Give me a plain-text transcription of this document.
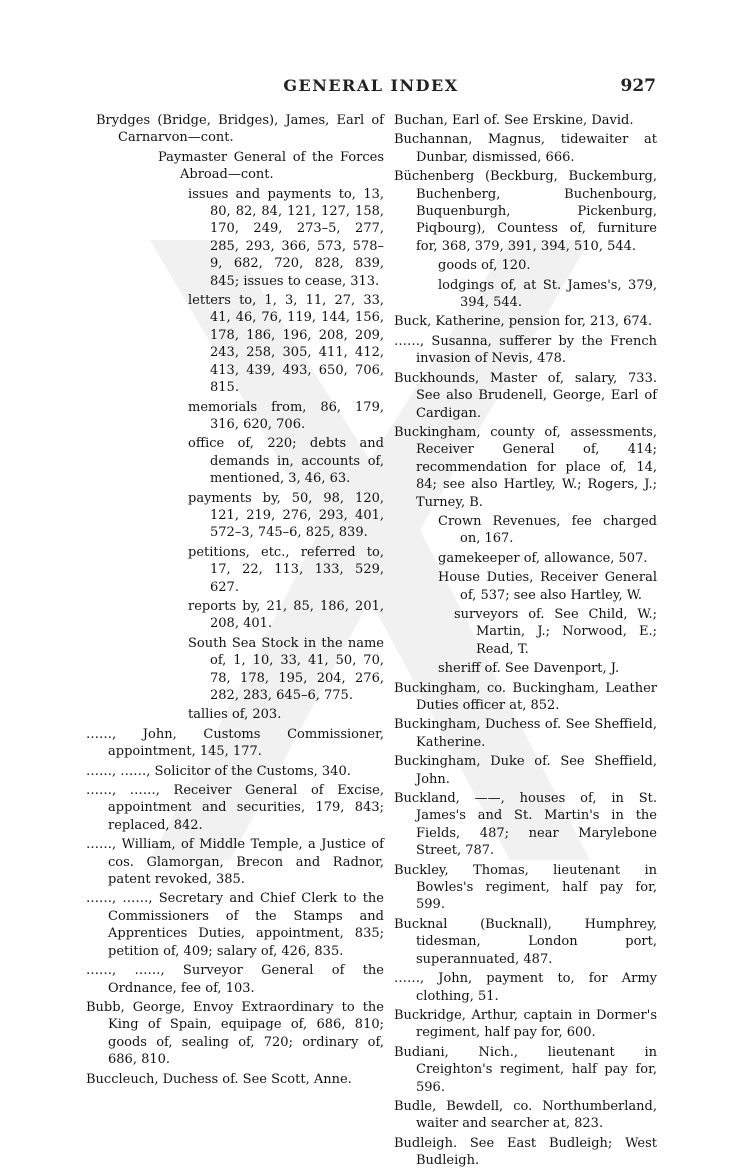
GENERAL INDEX	927

Brydges (Bridge, Bridges), James, Earl of Carnarvon—cont.

Paymaster General of the Forces Abroad—cont.

issues and payments to, 13, 80, 82, 84, 121, 127, 158, 170, 249, 273–5, 277, 285, 293, 366, 573, 578–9, 682, 720, 828, 839, 845; issues to cease, 313.

letters to, 1, 3, 11, 27, 33, 41, 46, 76, 119, 144, 156, 178, 186, 196, 208, 209, 243, 258, 305, 411, 412, 413, 439, 493, 650, 706, 815.

memorials from, 86, 179, 316, 620, 706.

office of, 220; debts and demands in, accounts of, mentioned, 3, 46, 63.

payments by, 50, 98, 120, 121, 219, 276, 293, 401, 572–3, 745–6, 825, 839.

petitions, etc., referred to, 17, 22, 113, 133, 529, 627.

reports by, 21, 85, 186, 201, 208, 401.

South Sea Stock in the name of, 1, 10, 33, 41, 50, 70, 78, 178, 195, 204, 276, 282, 283, 645–6, 775.

tallies of, 203.

……, John, Customs Commissioner, appointment, 145, 177.

……, ……, Solicitor of the Customs, 340.

……, ……, Receiver General of Excise, appointment and securities, 179, 843; replaced, 842.

……, William, of Middle Temple, a Justice of cos. Glamorgan, Brecon and Radnor, patent revoked, 385.

……, ……, Secretary and Chief Clerk to the Commissioners of the Stamps and Apprentices Duties, appointment, 835; petition of, 409; salary of, 426, 835.

……, ……, Surveyor General of the Ordnance, fee of, 103.

Bubb, George, Envoy Extraordinary to the King of Spain, equipage of, 686, 810; goods of, sealing of, 720; ordinary of, 686, 810.

Buccleuch, Duchess of. See Scott, Anne.

Buchan, Earl of. See Erskine, David.

Buchannan, Magnus, tidewaiter at Dunbar, dismissed, 666.

Büchenberg (Beckburg, Buckemburg, Buchenberg, Buchenbourg, Buquenburgh, Pickenburg, Piqbourg), Countess of, furniture for, 368, 379, 391, 394, 510, 544.

goods of, 120.

lodgings of, at St. James's, 379, 394, 544.

Buck, Katherine, pension for, 213, 674.

……, Susanna, sufferer by the French invasion of Nevis, 478.

Buckhounds, Master of, salary, 733. See also Brudenell, George, Earl of Cardigan.

Buckingham, county of, assessments, Receiver General of, 414; recommendation for place of, 14, 84; see also Hartley, W.; Rogers, J.; Turney, B.

Crown Revenues, fee charged on, 167.

gamekeeper of, allowance, 507.

House Duties, Receiver General of, 537; see also Hartley, W.

surveyors of. See Child, W.; Martin, J.; Norwood, E.; Read, T.

sheriff of. See Davenport, J.

Buckingham, co. Buckingham, Leather Duties officer at, 852.

Buckingham, Duchess of. See Sheffield, Katherine.

Buckingham, Duke of. See Sheffield, John.

Buckland, ——, houses of, in St. James's and St. Martin's in the Fields, 487; near Marylebone Street, 787.

Buckley, Thomas, lieutenant in Bowles's regiment, half pay for, 599.

Bucknal (Bucknall), Humphrey, tidesman, London port, superannuated, 487.

……, John, payment to, for Army clothing, 51.

Buckridge, Arthur, captain in Dormer's regiment, half pay for, 600.

Budiani, Nich., lieutenant in Creighton's regiment, half pay for, 596.

Budle, Bewdell, co. Northumberland, waiter and searcher at, 823.

Budleigh. See East Budleigh; West Budleigh.
